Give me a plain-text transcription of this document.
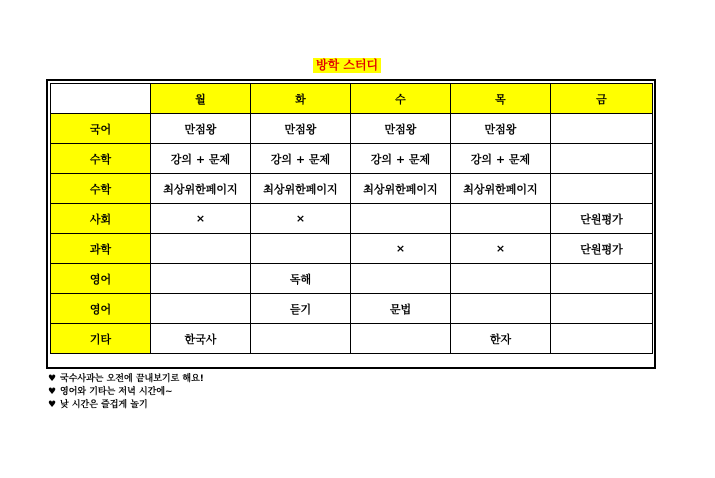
방학 스터디
	월	화	수	목	금
국어	만점왕	만점왕	만점왕	만점왕	
수학	강의 + 문제	강의 + 문제	강의 + 문제	강의 + 문제	
수학	최상위한페이지	최상위한페이지	최상위한페이지	최상위한페이지	
사회	×	×			단원평가
과학			×	×	단원평가
영어		독해			
영어		듣기	문법		
기타	한국사			한자	
♥ 국수사과는 오전에 끝내보기로 해요!
♥ 영어와 기타는 저녁 시간에~
♥ 낮 시간은 즐겁게 놀기
